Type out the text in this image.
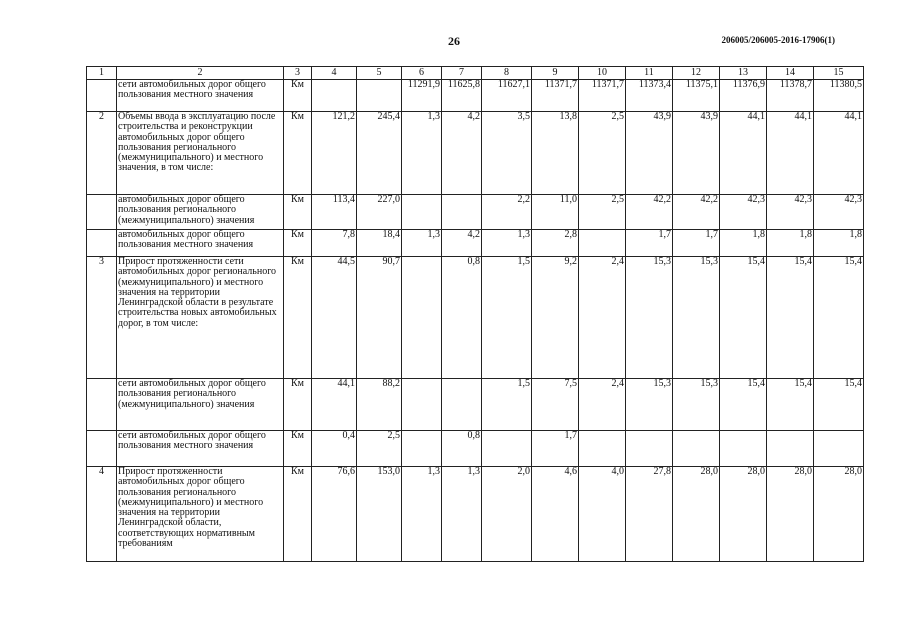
26	206005/206005-2016-17906(1)
1	2	3	4	5	6	7	8	9	10	11	12	13	14	15
	сети автомобильных дорог общего пользования местного значения	Км			11291,9	11625,8	11627,1	11371,7	11371,7	11373,4	11375,1	11376,9	11378,7	11380,5
2	Объемы ввода в эксплуатацию после строительства и реконструкции автомобильных дорог общего пользования регионального (межмуниципального) и местного значения, в том числе:	Км	121,2	245,4	1,3	4,2	3,5	13,8	2,5	43,9	43,9	44,1	44,1	44,1
	автомобильных дорог общего пользования регионального (межмуниципального) значения	Км	113,4	227,0			2,2	11,0	2,5	42,2	42,2	42,3	42,3	42,3
	автомобильных дорог общего пользования местного значения	Км	7,8	18,4	1,3	4,2	1,3	2,8		1,7	1,7	1,8	1,8	1,8
3	Прирост протяженности сети автомобильных дорог регионального (межмуниципального) и местного значения на территории Ленинградской области в результате строительства новых автомобильных дорог, в том числе:	Км	44,5	90,7		0,8	1,5	9,2	2,4	15,3	15,3	15,4	15,4	15,4
	сети автомобильных дорог общего пользования регионального (межмуниципального) значения	Км	44,1	88,2			1,5	7,5	2,4	15,3	15,3	15,4	15,4	15,4
	сети автомобильных дорог общего пользования местного значения	Км	0,4	2,5		0,8		1,7						
4	Прирост протяженности автомобильных дорог общего пользования регионального (межмуниципального) и местного значения на территории Ленинградской области, соответствующих нормативным требованиям	Км	76,6	153,0	1,3	1,3	2,0	4,6	4,0	27,8	28,0	28,0	28,0	28,0
